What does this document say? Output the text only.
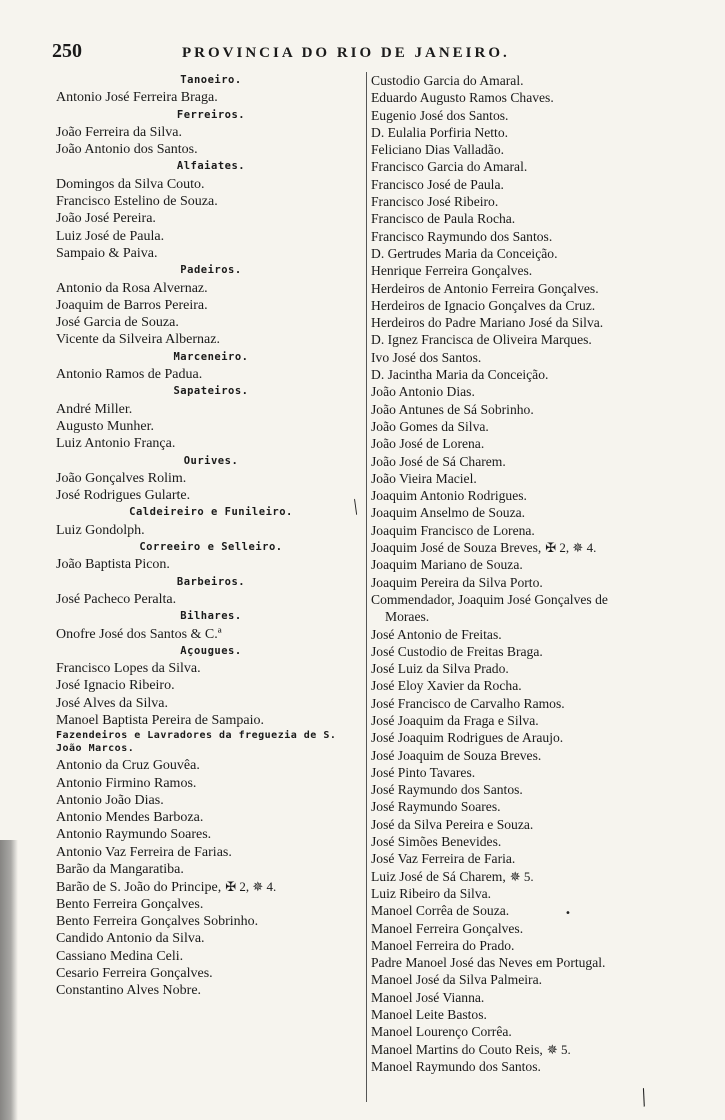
250	PROVINCIA DO RIO DE JANEIRO.
Tanoeiro.
Antonio José Ferreira Braga.
Ferreiros.
João Ferreira da Silva.
João Antonio dos Santos.
Alfaiates.
Domingos da Silva Couto.
Francisco Estelino de Souza.
João José Pereira.
Luiz José de Paula.
Sampaio & Paiva.
Padeiros.
Antonio da Rosa Alvernaz.
Joaquim de Barros Pereira.
José Garcia de Souza.
Vicente da Silveira Albernaz.
Marceneiro.
Antonio Ramos de Padua.
Sapateiros.
André Miller.
Augusto Munher.
Luiz Antonio França.
Ourives.
João Gonçalves Rolim.
José Rodrigues Gularte.
Caldeireiro e Funileiro.
Luiz Gondolph.
Correeiro e Selleiro.
João Baptista Picon.
Barbeiros.
José Pacheco Peralta.
Bilhares.
Onofre José dos Santos & C.ª
Açougues.
Francisco Lopes da Silva.
José Ignacio Ribeiro.
José Alves da Silva.
Manoel Baptista Pereira de Sampaio.
Fazendeiros e Lavradores da freguezia de S. João Marcos.
Antonio da Cruz Gouvêa.
Antonio Firmino Ramos.
Antonio João Dias.
Antonio Mendes Barboza.
Antonio Raymundo Soares.
Antonio Vaz Ferreira de Farias.
Barão da Mangaratiba.
Barão de S. João do Principe, ✠ 2, ✵ 4.
Bento Ferreira Gonçalves.
Bento Ferreira Gonçalves Sobrinho.
Candido Antonio da Silva.
Cassiano Medina Celi.
Cesario Ferreira Gonçalves.
Constantino Alves Nobre.
Custodio Garcia do Amaral.
Eduardo Augusto Ramos Chaves.
Eugenio José dos Santos.
D. Eulalia Porfiria Netto.
Feliciano Dias Valladão.
Francisco Garcia do Amaral.
Francisco José de Paula.
Francisco José Ribeiro.
Francisco de Paula Rocha.
Francisco Raymundo dos Santos.
D. Gertrudes Maria da Conceição.
Henrique Ferreira Gonçalves.
Herdeiros de Antonio Ferreira Gonçalves.
Herdeiros de Ignacio Gonçalves da Cruz.
Herdeiros do Padre Mariano José da Silva.
D. Ignez Francisca de Oliveira Marques.
Ivo José dos Santos.
D. Jacintha Maria da Conceição.
João Antonio Dias.
João Antunes de Sá Sobrinho.
João Gomes da Silva.
João José de Lorena.
João José de Sá Charem.
João Vieira Maciel.
Joaquim Antonio Rodrigues.
Joaquim Anselmo de Souza.
Joaquim Francisco de Lorena.
Joaquim José de Souza Breves, ✠ 2, ✵ 4.
Joaquim Mariano de Souza.
Joaquim Pereira da Silva Porto.
Commendador, Joaquim José Gonçalves de
Moraes.
José Antonio de Freitas.
José Custodio de Freitas Braga.
José Luiz da Silva Prado.
José Eloy Xavier da Rocha.
José Francisco de Carvalho Ramos.
José Joaquim da Fraga e Silva.
José Joaquim Rodrigues de Araujo.
José Joaquim de Souza Breves.
José Pinto Tavares.
José Raymundo dos Santos.
José Raymundo Soares.
José da Silva Pereira e Souza.
José Simões Benevides.
José Vaz Ferreira de Faria.
Luiz José de Sá Charem, ✵ 5.
Luiz Ribeiro da Silva.
Manoel Corrêa de Souza.
Manoel Ferreira Gonçalves.
Manoel Ferreira do Prado.
Padre Manoel José das Neves em Portugal.
Manoel José da Silva Palmeira.
Manoel José Vianna.
Manoel Leite Bastos.
Manoel Lourenço Corrêa.
Manoel Martins do Couto Reis, ✵ 5.
Manoel Raymundo dos Santos.
╱
•
╱
